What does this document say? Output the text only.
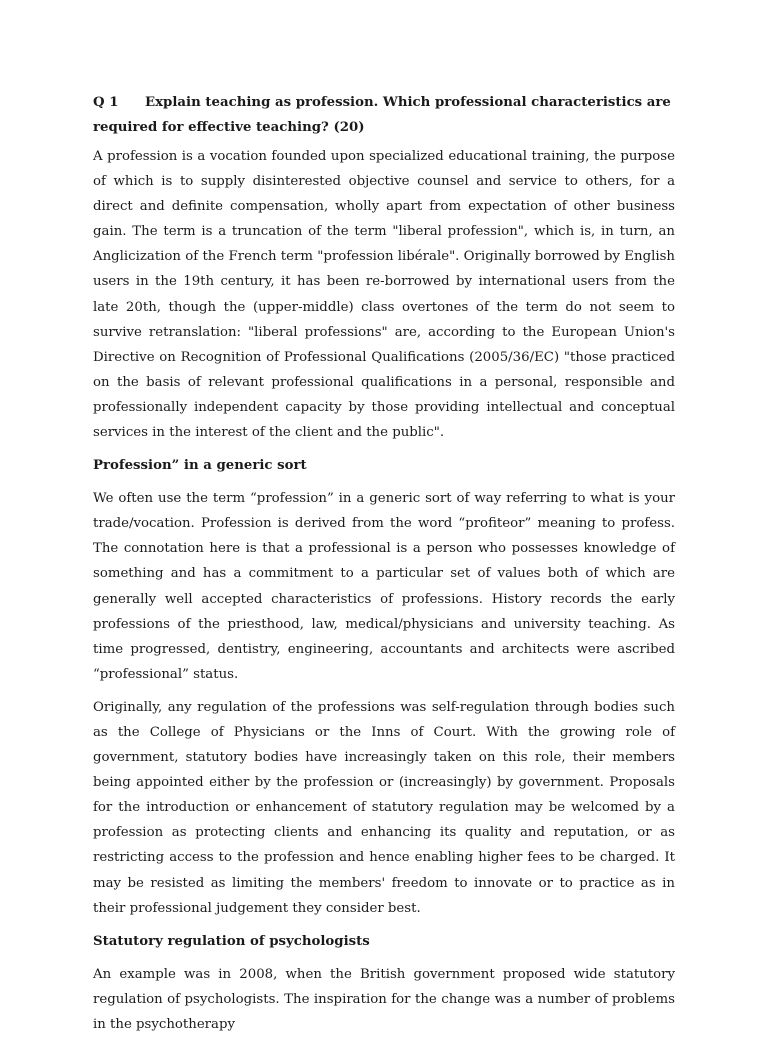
Q 1 Explain teaching as profession. Which professional characteristics are required for effective teaching? (20)

A profession is a vocation founded upon specialized educational training, the purpose of which is to supply disinterested objective counsel and service to others, for a direct and definite compensation, wholly apart from expectation of other business gain. The term is a truncation of the term "liberal profession", which is, in turn, an Anglicization of the French term "profession libérale". Originally borrowed by English users in the 19th century, it has been re-borrowed by international users from the late 20th, though the (upper-middle) class overtones of the term do not seem to survive retranslation: "liberal professions" are, according to the European Union's Directive on Recognition of Professional Qualifications (2005/36/EC) "those practiced on the basis of relevant professional qualifications in a personal, responsible and professionally independent capacity by those providing intellectual and conceptual services in the interest of the client and the public".

Profession” in a generic sort

We often use the term “profession” in a generic sort of way referring to what is your trade/vocation. Profession is derived from the word “profiteor” meaning to profess. The connotation here is that a professional is a person who possesses knowledge of something and has a commitment to a particular set of values both of which are generally well accepted characteristics of professions. History records the early professions of the priesthood, law, medical/physicians and university teaching. As time progressed, dentistry, engineering, accountants and architects were ascribed “professional” status.

Originally, any regulation of the professions was self-regulation through bodies such as the College of Physicians or the Inns of Court. With the growing role of government, statutory bodies have increasingly taken on this role, their members being appointed either by the profession or (increasingly) by government. Proposals for the introduction or enhancement of statutory regulation may be welcomed by a profession as protecting clients and enhancing its quality and reputation, or as restricting access to the profession and hence enabling higher fees to be charged. It may be resisted as limiting the members' freedom to innovate or to practice as in their professional judgement they consider best.

Statutory regulation of psychologists

An example was in 2008, when the British government proposed wide statutory regulation of psychologists. The inspiration for the change was a number of problems in the psychotherapy
